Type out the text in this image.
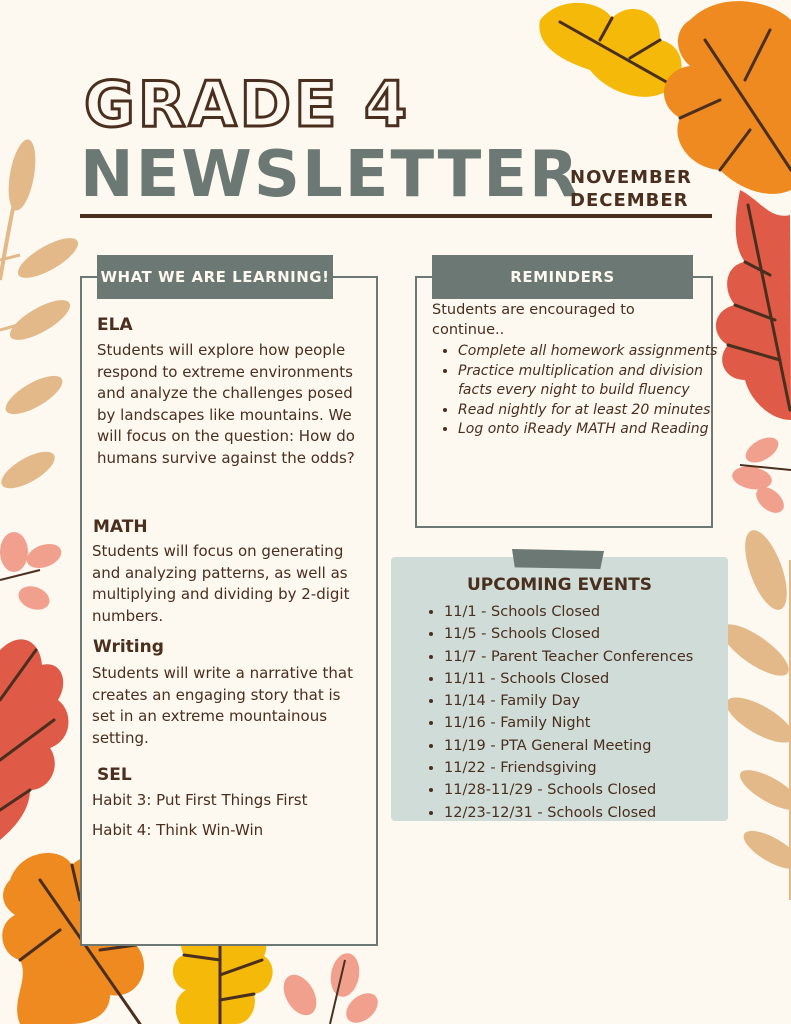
GRADE 4
NEWSLETTER
NOVEMBER
DECEMBER
WHAT WE ARE LEARNING!
ELA
Students will explore how people respond to extreme environments and analyze the challenges posed by landscapes like mountains. We will focus on the question: How do humans survive against the odds?
MATH
Students will focus on generating and analyzing patterns, as well as multiplying and dividing by 2-digit numbers.
Writing
Students will write a narrative that creates an engaging story that is set in an extreme mountainous setting.
SEL
Habit 3: Put First Things First
Habit 4: Think Win-Win
REMINDERS
Students are encouraged to continue..
• Complete all homework assignments
• Practice multiplication and division facts every night to build fluency
• Read nightly for at least 20 minutes
• Log onto iReady MATH and Reading
UPCOMING EVENTS
• 11/1 - Schools Closed
• 11/5 - Schools Closed
• 11/7 - Parent Teacher Conferences
• 11/11 - Schools Closed
• 11/14 - Family Day
• 11/16 - Family Night
• 11/19 - PTA General Meeting
• 11/22 - Friendsgiving
• 11/28-11/29 - Schools Closed
• 12/23-12/31 - Schools Closed
